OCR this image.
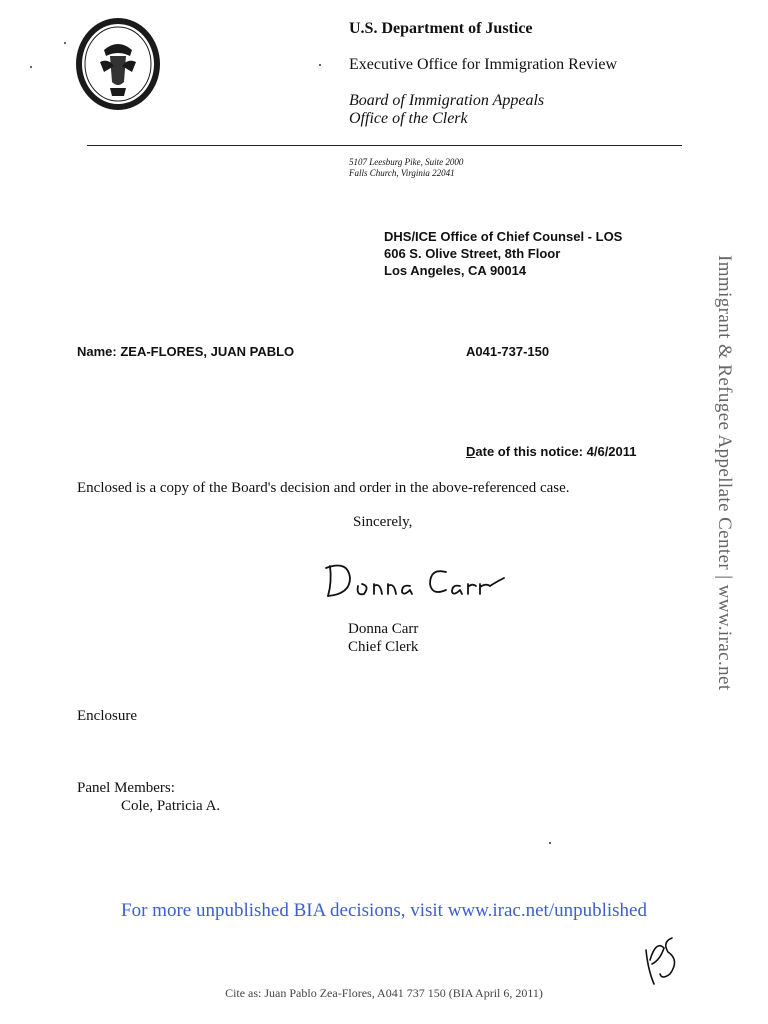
U.S. Department of Justice
Executive Office for Immigration Review
Board of Immigration Appeals
Office of the Clerk
5107 Leesburg Pike, Suite 2000
Falls Church, Virginia 22041
DHS/ICE Office of Chief Counsel - LOS
606 S. Olive Street, 8th Floor
Los Angeles, CA 90014
Name: ZEA-FLORES, JUAN PABLO	A041-737-150
Date of this notice: 4/6/2011
Enclosed is a copy of the Board's decision and order in the above-referenced case.
Sincerely,
Donna Carr
Chief Clerk
Enclosure
Panel Members:
Cole, Patricia A.
Immigrant & Refugee Appellate Center | www.irac.net
For more unpublished BIA decisions, visit www.irac.net/unpublished
Cite as: Juan Pablo Zea-Flores, A041 737 150 (BIA April 6, 2011)
